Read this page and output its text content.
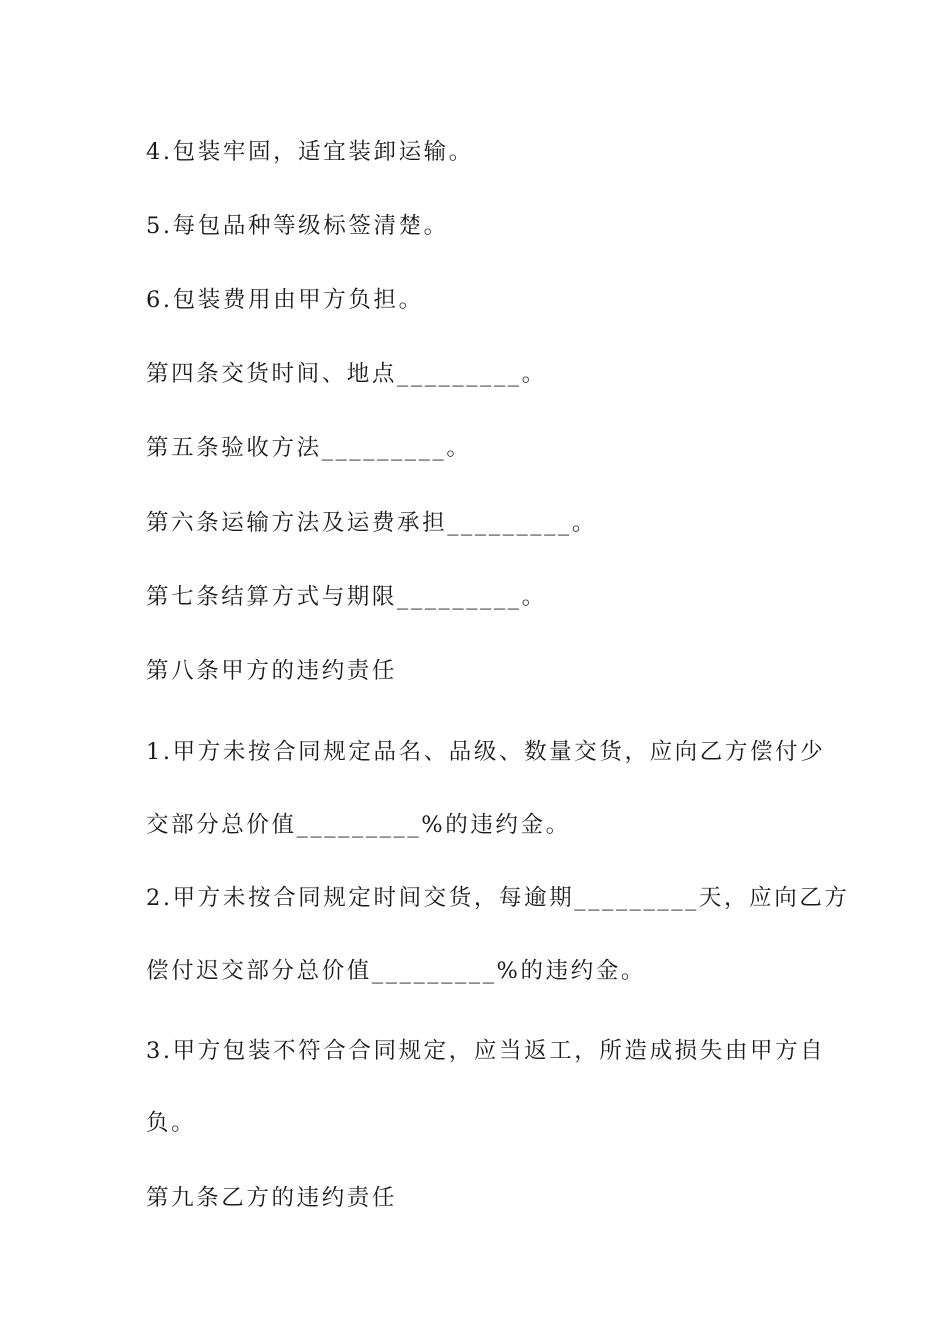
4.包装牢固，适宜装卸运输。
5.每包品种等级标签清楚。
6.包装费用由甲方负担。
第四条交货时间、地点_________。
第五条验收方法_________。
第六条运输方法及运费承担_________。
第七条结算方式与期限_________。
第八条甲方的违约责任
1.甲方未按合同规定品名、品级、数量交货，应向乙方偿付少
交部分总价值_________%的违约金。
2.甲方未按合同规定时间交货，每逾期_________天，应向乙方
偿付迟交部分总价值_________%的违约金。
3.甲方包装不符合合同规定，应当返工，所造成损失由甲方自
负。
第九条乙方的违约责任
